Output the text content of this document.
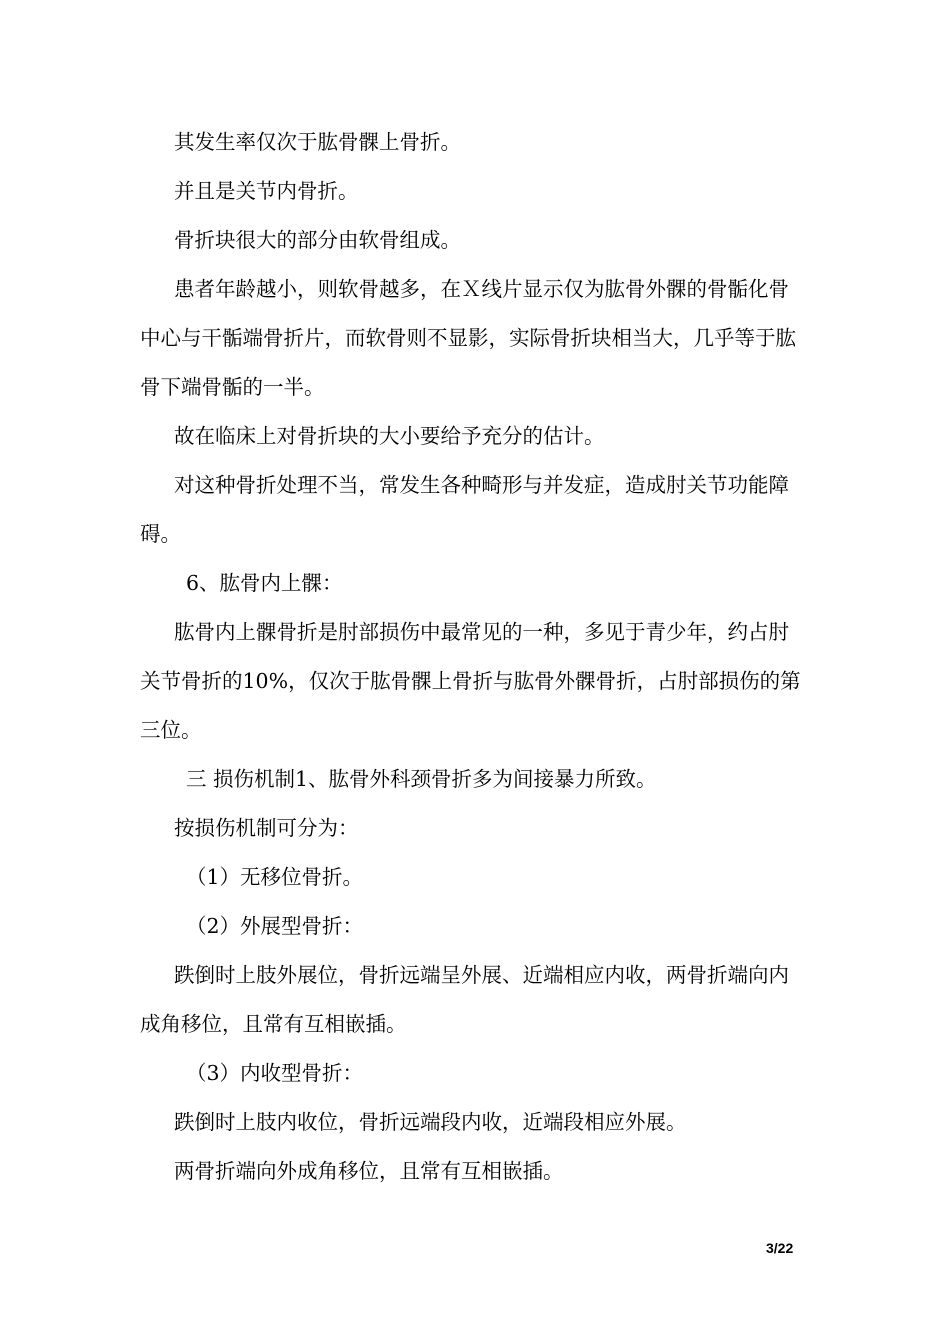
其发生率仅次于肱骨髁上骨折。

并且是关节内骨折。

骨折块很大的部分由软骨组成。

患者年龄越小，则软骨越多，在Ｘ线片显示仅为肱骨外髁的骨骺化骨中心与干骺端骨折片，而软骨则不显影，实际骨折块相当大，几乎等于肱骨下端骨骺的一半。

故在临床上对骨折块的大小要给予充分的估计。

对这种骨折处理不当，常发生各种畸形与并发症，造成肘关节功能障碍。

6、肱骨内上髁：

肱骨内上髁骨折是肘部损伤中最常见的一种，多见于青少年，约占肘关节骨折的10%，仅次于肱骨髁上骨折与肱骨外髁骨折，占肘部损伤的第三位。

三 损伤机制1、肱骨外科颈骨折多为间接暴力所致。

按损伤机制可分为：

（1）无移位骨折。

（2）外展型骨折：

跌倒时上肢外展位，骨折远端呈外展、近端相应内收，两骨折端向内成角移位，且常有互相嵌插。

（3）内收型骨折：

跌倒时上肢内收位，骨折远端段内收，近端段相应外展。

两骨折端向外成角移位，且常有互相嵌插。

3/22
